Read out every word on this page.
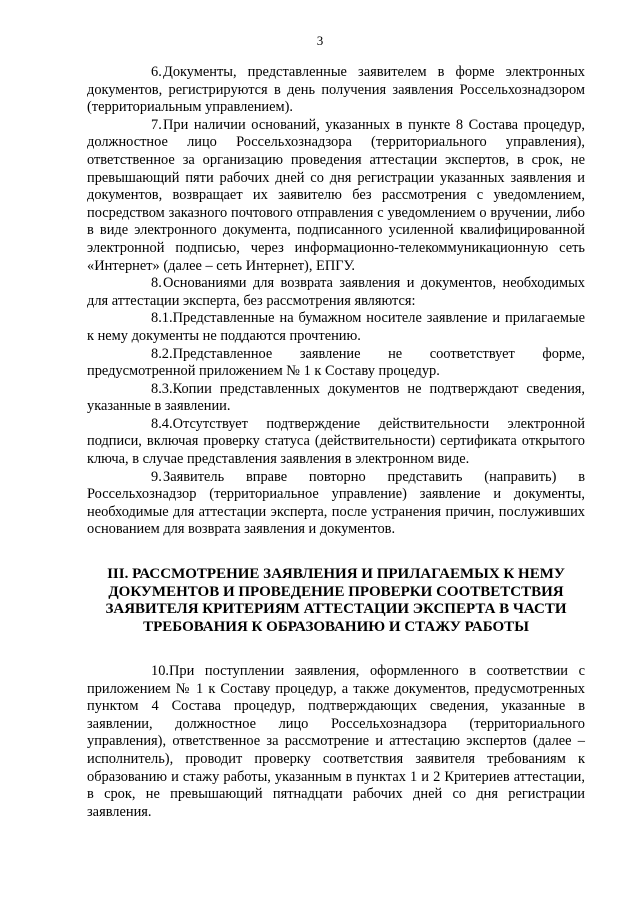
3

6.Документы, представленные заявителем в форме электронных документов, регистрируются в день получения заявления Россельхознадзором (территориальным управлением).

7.При наличии оснований, указанных в пункте 8 Состава процедур, должностное лицо Россельхознадзора (территориального управления), ответственное за организацию проведения аттестации экспертов, в срок, не превышающий пяти рабочих дней со дня регистрации указанных заявления и документов, возвращает их заявителю без рассмотрения с уведомлением, посредством заказного почтового отправления с уведомлением о вручении, либо в виде электронного документа, подписанного усиленной квалифицированной электронной подписью, через информационно-телекоммуникационную сеть «Интернет» (далее – сеть Интернет), ЕПГУ.

8.Основаниями для возврата заявления и документов, необходимых для аттестации эксперта, без рассмотрения являются:

8.1.Представленные на бумажном носителе заявление и прилагаемые к нему документы не поддаются прочтению.

8.2.Представленное заявление не соответствует форме, предусмотренной приложением № 1 к Составу процедур.

8.3.Копии представленных документов не подтверждают сведения, указанные в заявлении.

8.4.Отсутствует подтверждение действительности электронной подписи, включая проверку статуса (действительности) сертификата открытого ключа, в случае представления заявления в электронном виде.

9.Заявитель вправе повторно представить (направить) в Россельхознадзор (территориальное управление) заявление и документы, необходимые для аттестации эксперта, после устранения причин, послуживших основанием для возврата заявления и документов.

III. РАССМОТРЕНИЕ ЗАЯВЛЕНИЯ И ПРИЛАГАЕМЫХ К НЕМУ ДОКУМЕНТОВ И ПРОВЕДЕНИЕ ПРОВЕРКИ СООТВЕТСТВИЯ ЗАЯВИТЕЛЯ КРИТЕРИЯМ АТТЕСТАЦИИ ЭКСПЕРТА В ЧАСТИ ТРЕБОВАНИЯ К ОБРАЗОВАНИЮ И СТАЖУ РАБОТЫ

10.При поступлении заявления, оформленного в соответствии с приложением № 1 к Составу процедур, а также документов, предусмотренных пунктом 4 Состава процедур, подтверждающих сведения, указанные в заявлении, должностное лицо Россельхознадзора (территориального управления), ответственное за рассмотрение и аттестацию экспертов (далее – исполнитель), проводит проверку соответствия заявителя требованиям к образованию и стажу работы, указанным в пунктах 1 и 2 Критериев аттестации, в срок, не превышающий пятнадцати рабочих дней со дня регистрации заявления.
